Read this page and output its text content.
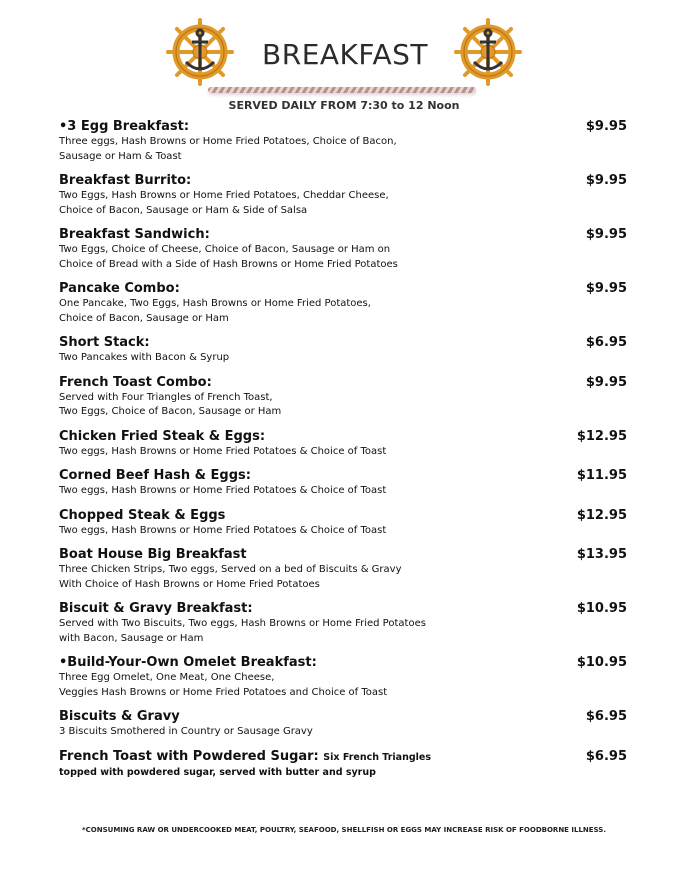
BREAKFAST
SERVED DAILY FROM 7:30 to 12 Noon
•3 Egg Breakfast:	$9.95
Three eggs, Hash Browns or Home Fried Potatoes, Choice of Bacon,
Sausage or Ham & Toast
Breakfast Burrito:	$9.95
Two Eggs, Hash Browns or Home Fried Potatoes, Cheddar Cheese,
Choice of Bacon, Sausage or Ham & Side of Salsa
Breakfast Sandwich:	$9.95
Two Eggs, Choice of Cheese, Choice of Bacon, Sausage or Ham on
Choice of Bread with a Side of Hash Browns or Home Fried Potatoes
Pancake Combo:	$9.95
One Pancake, Two Eggs, Hash Browns or Home Fried Potatoes,
Choice of Bacon, Sausage or Ham
Short Stack:	$6.95
Two Pancakes with Bacon & Syrup
French Toast Combo:	$9.95
Served with Four Triangles of French Toast,
Two Eggs, Choice of Bacon, Sausage or Ham
Chicken Fried Steak & Eggs:	$12.95
Two eggs, Hash Browns or Home Fried Potatoes & Choice of Toast
Corned Beef Hash & Eggs:	$11.95
Two eggs, Hash Browns or Home Fried Potatoes & Choice of Toast
Chopped Steak & Eggs	$12.95
Two eggs, Hash Browns or Home Fried Potatoes & Choice of Toast
Boat House Big Breakfast	$13.95
Three Chicken Strips, Two eggs, Served on a bed of Biscuits & Gravy
With Choice of Hash Browns or Home Fried Potatoes
Biscuit & Gravy Breakfast:	$10.95
Served with Two Biscuits, Two eggs, Hash Browns or Home Fried Potatoes
with Bacon, Sausage or Ham
•Build-Your-Own Omelet Breakfast:	$10.95
Three Egg Omelet, One Meat, One Cheese,
Veggies Hash Browns or Home Fried Potatoes and Choice of Toast
Biscuits & Gravy	$6.95
3 Biscuits Smothered in Country or Sausage Gravy
French Toast with Powdered Sugar: Six French Triangles	$6.95
topped with powdered sugar, served with butter and syrup
*CONSUMING RAW OR UNDERCOOKED MEAT, POULTRY, SEAFOOD, SHELLFISH OR EGGS MAY INCREASE RISK OF FOODBORNE ILLNESS.
